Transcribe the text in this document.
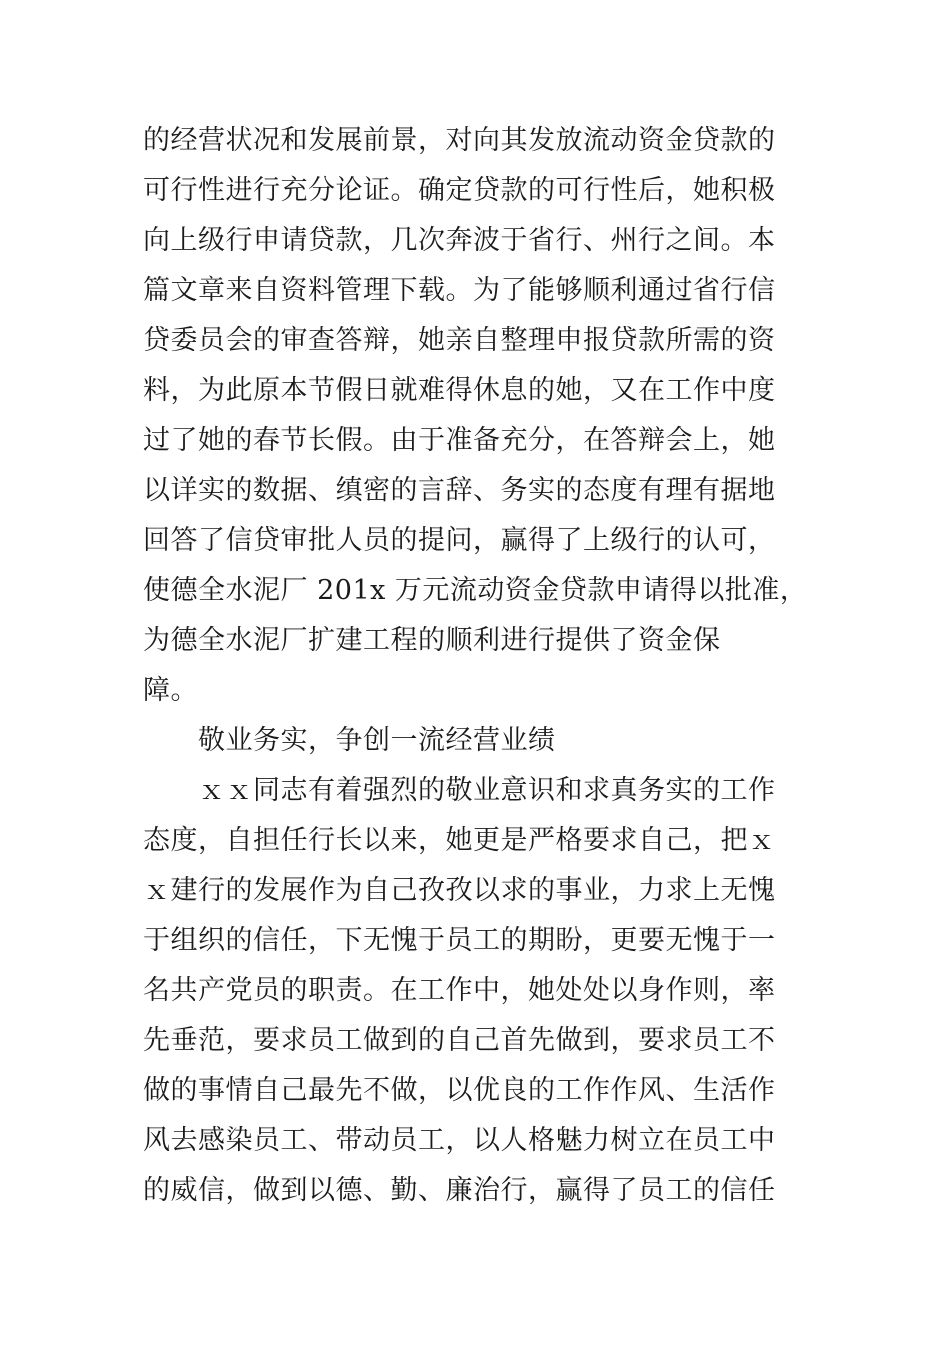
的经营状况和发展前景，对向其发放流动资金贷款的
可行性进行充分论证。确定贷款的可行性后，她积极
向上级行申请贷款，几次奔波于省行、州行之间。本
篇文章来自资料管理下载。为了能够顺利通过省行信
贷委员会的审查答辩，她亲自整理申报贷款所需的资
料，为此原本节假日就难得休息的她，又在工作中度
过了她的春节长假。由于准备充分，在答辩会上，她
以详实的数据、缜密的言辞、务实的态度有理有据地
回答了信贷审批人员的提问，赢得了上级行的认可，
使德全水泥厂 201x 万元流动资金贷款申请得以批准，
为德全水泥厂扩建工程的顺利进行提供了资金保
障。
敬业务实，争创一流经营业绩
ｘｘ同志有着强烈的敬业意识和求真务实的工作
态度，自担任行长以来，她更是严格要求自己，把ｘ
ｘ建行的发展作为自己孜孜以求的事业，力求上无愧
于组织的信任，下无愧于员工的期盼，更要无愧于一
名共产党员的职责。在工作中，她处处以身作则，率
先垂范，要求员工做到的自己首先做到，要求员工不
做的事情自己最先不做，以优良的工作作风、生活作
风去感染员工、带动员工，以人格魅力树立在员工中
的威信，做到以德、勤、廉治行，赢得了员工的信任
